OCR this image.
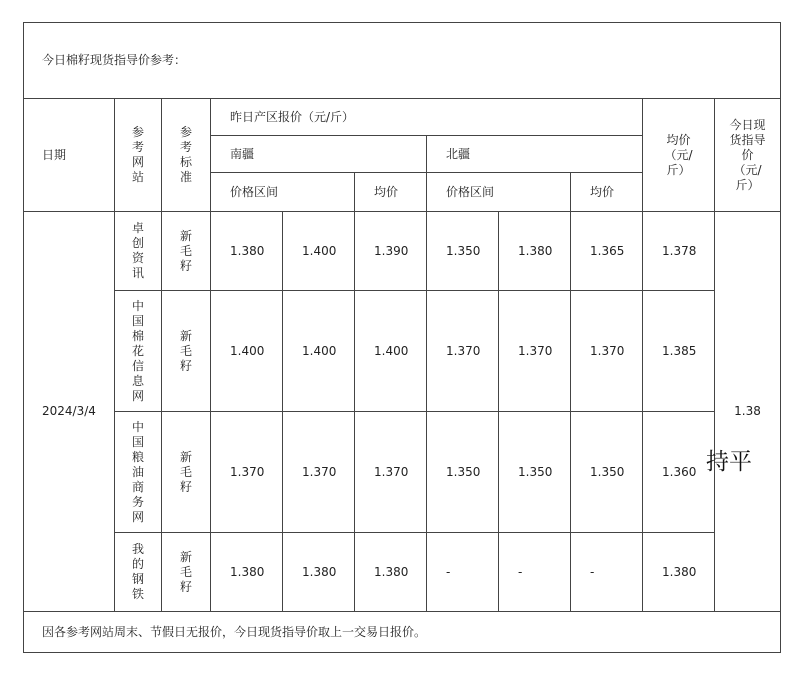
今日棉籽现货指导价参考：										
日期	参考网站	参考标准	昨日产区报价（元/斤）						均价（元/斤）	今日现货指导价（元/斤）

			南疆			北疆				
			价格区间		均价	价格区间		均价		
2024/3/4	卓创资讯	新毛籽	1.380	1.400	1.390	1.350	1.380	1.365	1.378	1.38

	中国棉花信息网	新毛籽	1.400	1.400	1.400	1.370	1.370	1.370	1.385	

	中国粮油商务网	新毛籽	1.370	1.370	1.370	1.350	1.350	1.350	1.360	

	我的钢铁	新毛籽	1.380	1.380	1.380	-	-	-	1.380	
因各参考网站周末、节假日无报价，今日现货指导价取上一交易日报价。										
持平
